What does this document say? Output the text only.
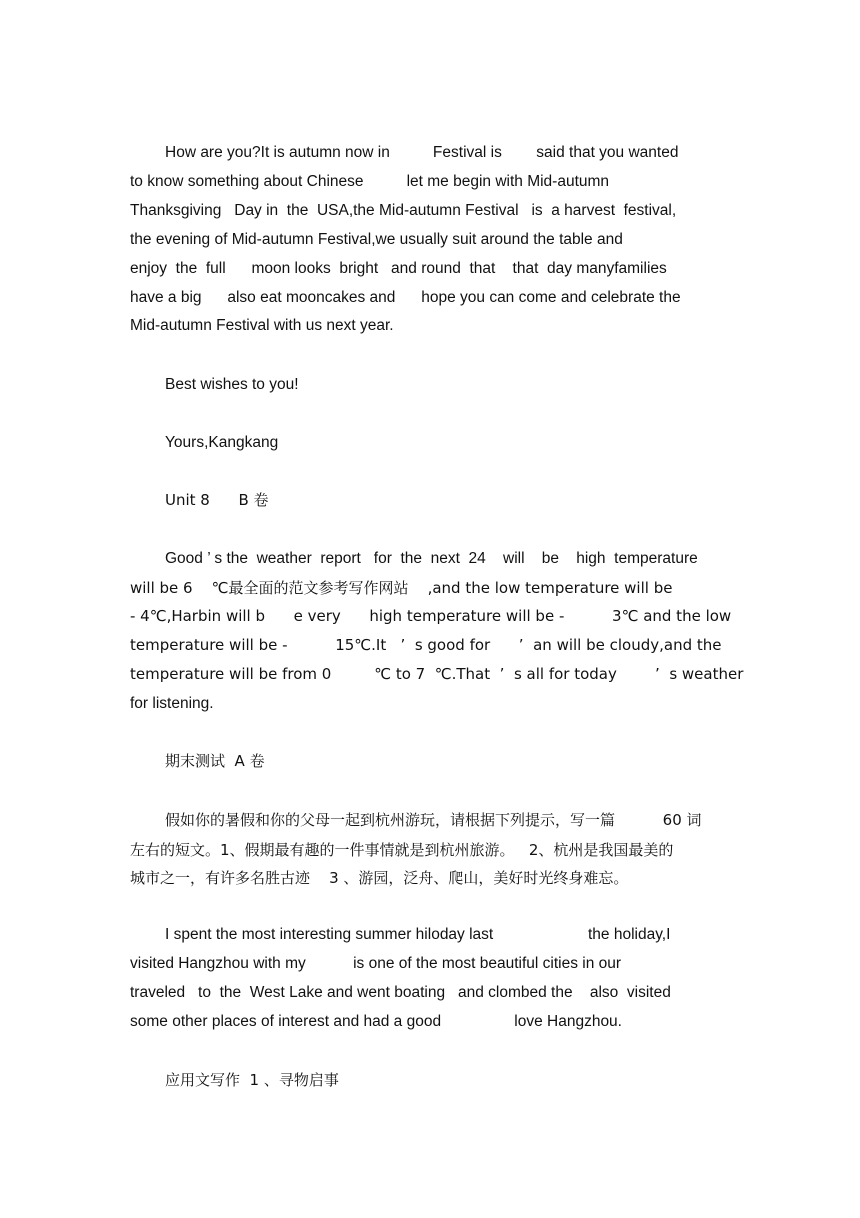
How are you?It is autumn now in          Festival is        said that you wanted
to know something about Chinese          let me begin with Mid-autumn
Thanksgiving   Day in  the  USA,the Mid-autumn Festival   is  a harvest  festival,
the evening of Mid-autumn Festival,we usually suit around the table and
enjoy  the  full      moon looks  bright   and round  that    that  day manyfamilies
have a big      also eat mooncakes and      hope you can come and celebrate the
Mid-autumn Festival with us next year.
Best wishes to you!
Yours,Kangkang
Unit 8      B 卷
Good ’ s the  weather  report   for  the  next  24    will    be    high  temperature
will be 6    ℃最全面的范文参考写作网站    ,and the low temperature will be
- 4℃,Harbin will b      e very      high temperature will be -          3℃ and the low
temperature will be -          15℃.It   ’  s good for      ’  an will be cloudy,and the
temperature will be from 0         ℃ to 7  ℃.That  ’  s all for today        ’  s weather
for listening.
期末测试  A 卷
假如你的暑假和你的父母一起到杭州游玩，请根据下列提示，写一篇          60 词
左右的短文。1、假期最有趣的一件事情就是到杭州旅游。   2、杭州是我国最美的
城市之一，有许多名胜古迹    3 、游园，泛舟、爬山，美好时光终身难忘。
I spent the most interesting summer hiloday last                      the holiday,I
visited Hangzhou with my           is one of the most beautiful cities in our
traveled   to  the  West Lake and went boating   and clombed the    also  visited
some other places of interest and had a good                 love Hangzhou.
应用文写作  1 、寻物启事
